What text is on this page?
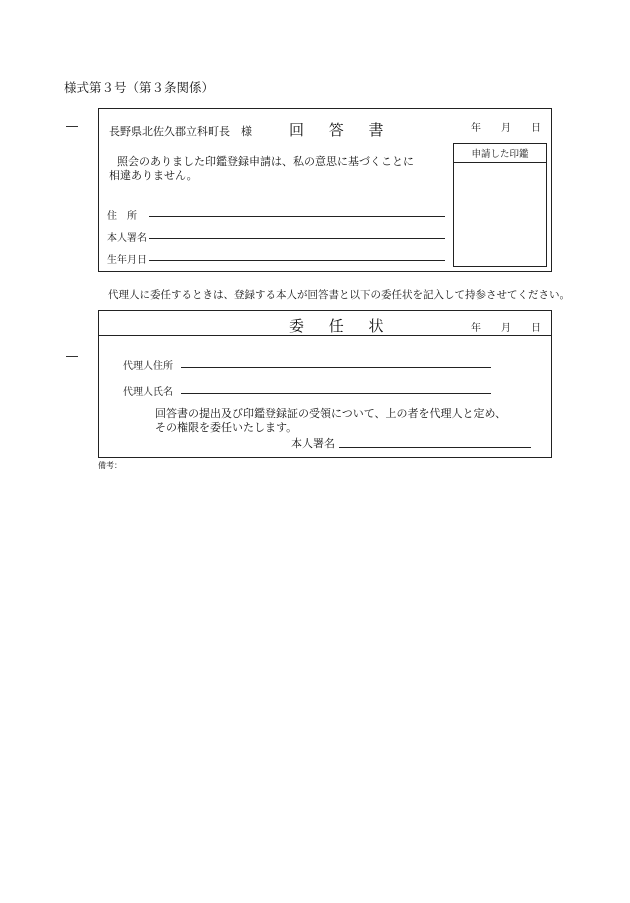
様式第３号（第３条関係）
長野県北佐久郡立科町長　様 回 答 書	年 月 日
照会のありました印鑑登録申請は、私の意思に基づくことに
相違ありません。
住　所
本人署名
生年月日
申請した印鑑
代理人に委任するときは、登録する本人が回答書と以下の委任状を記入して持参させてください。
委 任 状	年 月 日
代理人住所
代理人氏名
回答書の提出及び印鑑登録証の受領について、上の者を代理人と定め、
その権限を委任いたします。
本人署名
備考：
